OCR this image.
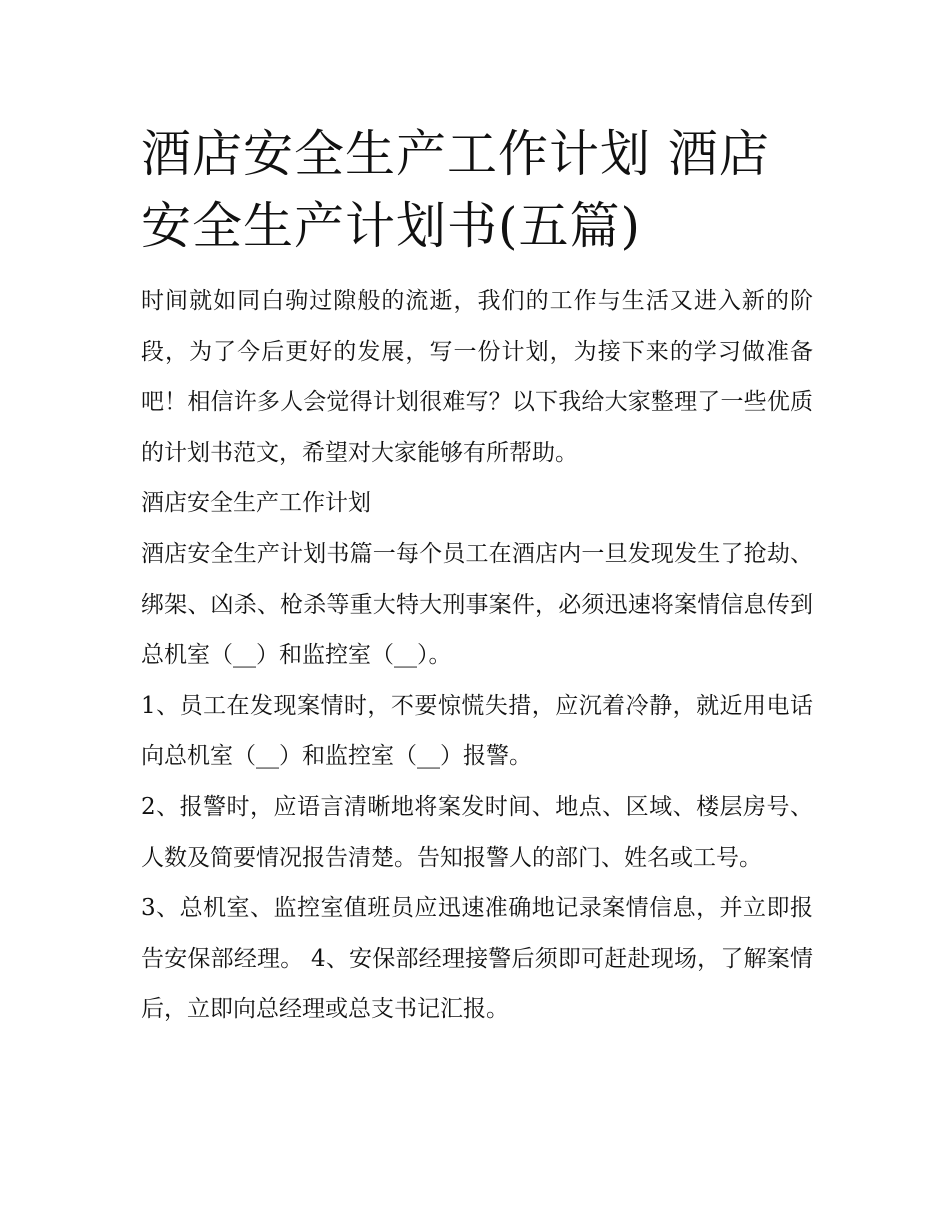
酒店安全生产工作计划 酒店安全生产计划书(五篇)

时间就如同白驹过隙般的流逝，我们的工作与生活又进入新的阶段，为了今后更好的发展，写一份计划，为接下来的学习做准备吧！相信许多人会觉得计划很难写？以下我给大家整理了一些优质的计划书范文，希望对大家能够有所帮助。

酒店安全生产工作计划

酒店安全生产计划书篇一每个员工在酒店内一旦发现发生了抢劫、绑架、凶杀、枪杀等重大特大刑事案件，必须迅速将案情信息传到总机室（__）和监控室（__）。

1、员工在发现案情时，不要惊慌失措，应沉着冷静，就近用电话向总机室（__）和监控室（__）报警。

2、报警时，应语言清晰地将案发时间、地点、区域、楼层房号、人数及简要情况报告清楚。告知报警人的部门、姓名或工号。

3、总机室、监控室值班员应迅速准确地记录案情信息，并立即报告安保部经理。 4、安保部经理接警后须即可赶赴现场，了解案情后，立即向总经理或总支书记汇报。
